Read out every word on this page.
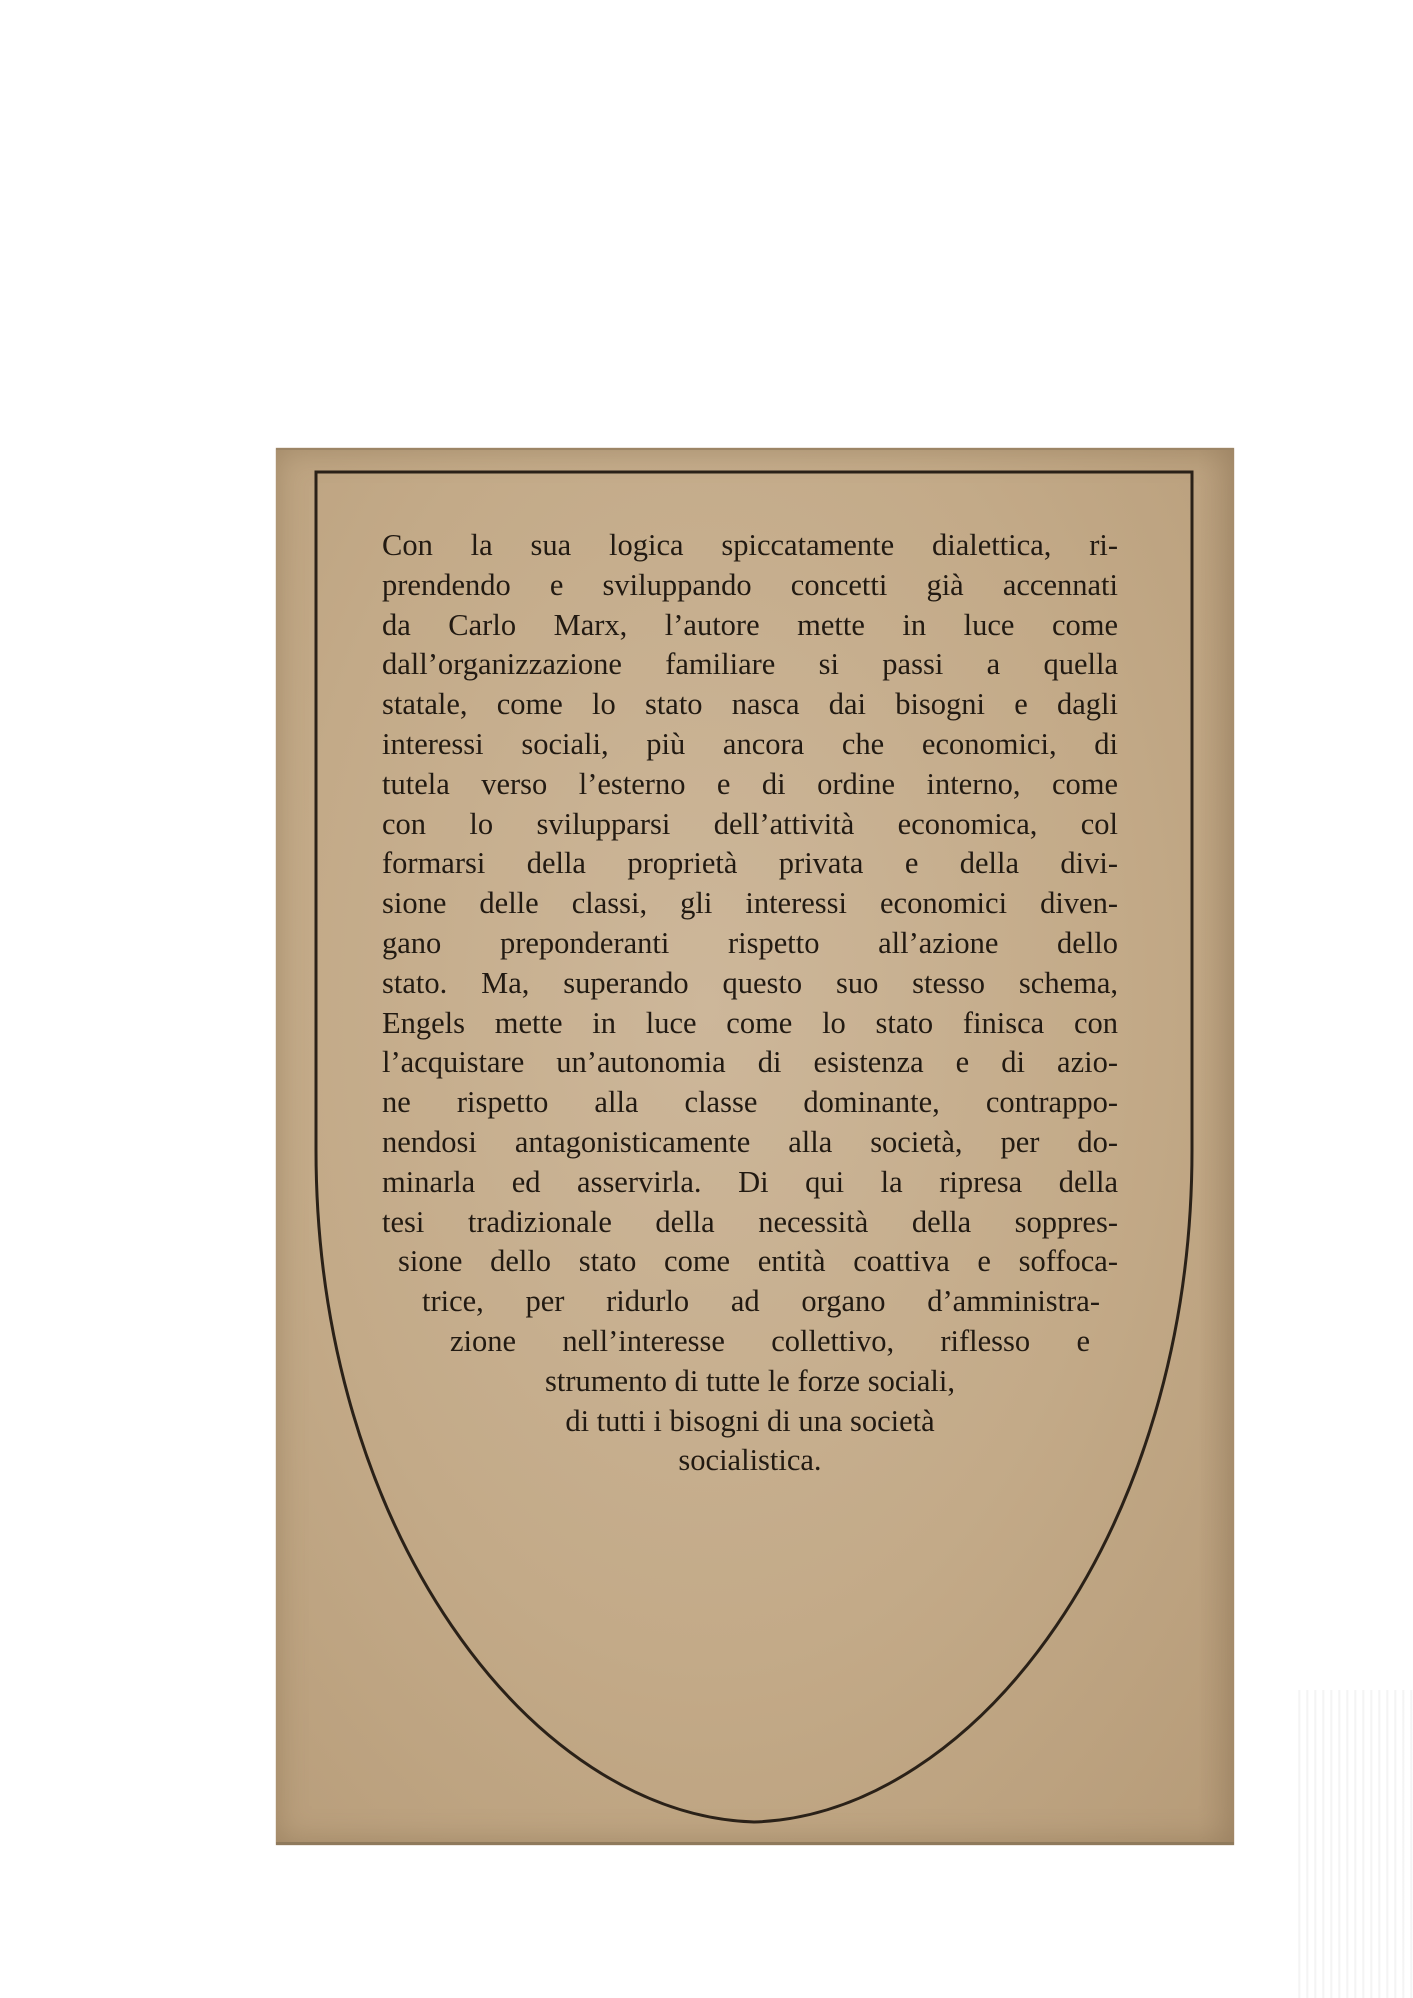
Con la sua logica spiccatamente dialettica, ri-
prendendo e sviluppando concetti già accennati
da Carlo Marx, l’autore mette in luce come
dall’organizzazione familiare si passi a quella
statale, come lo stato nasca dai bisogni e dagli
interessi sociali, più ancora che economici, di
tutela verso l’esterno e di ordine interno, come
con lo svilupparsi dell’attività economica, col
formarsi della proprietà privata e della divi-
sione delle classi, gli interessi economici diven-
gano preponderanti rispetto all’azione dello
stato. Ma, superando questo suo stesso schema,
Engels mette in luce come lo stato finisca con
l’acquistare un’autonomia di esistenza e di azio-
ne rispetto alla classe dominante, contrappo-
nendosi antagonisticamente alla società, per do-
minarla ed asservirla. Di qui la ripresa della
tesi tradizionale della necessità della soppres-
sione dello stato come entità coattiva e soffoca-
trice, per ridurlo ad organo d’amministra-
zione nell’interesse collettivo, riflesso e
strumento di tutte le forze sociali,
di tutti i bisogni di una società
socialistica.
